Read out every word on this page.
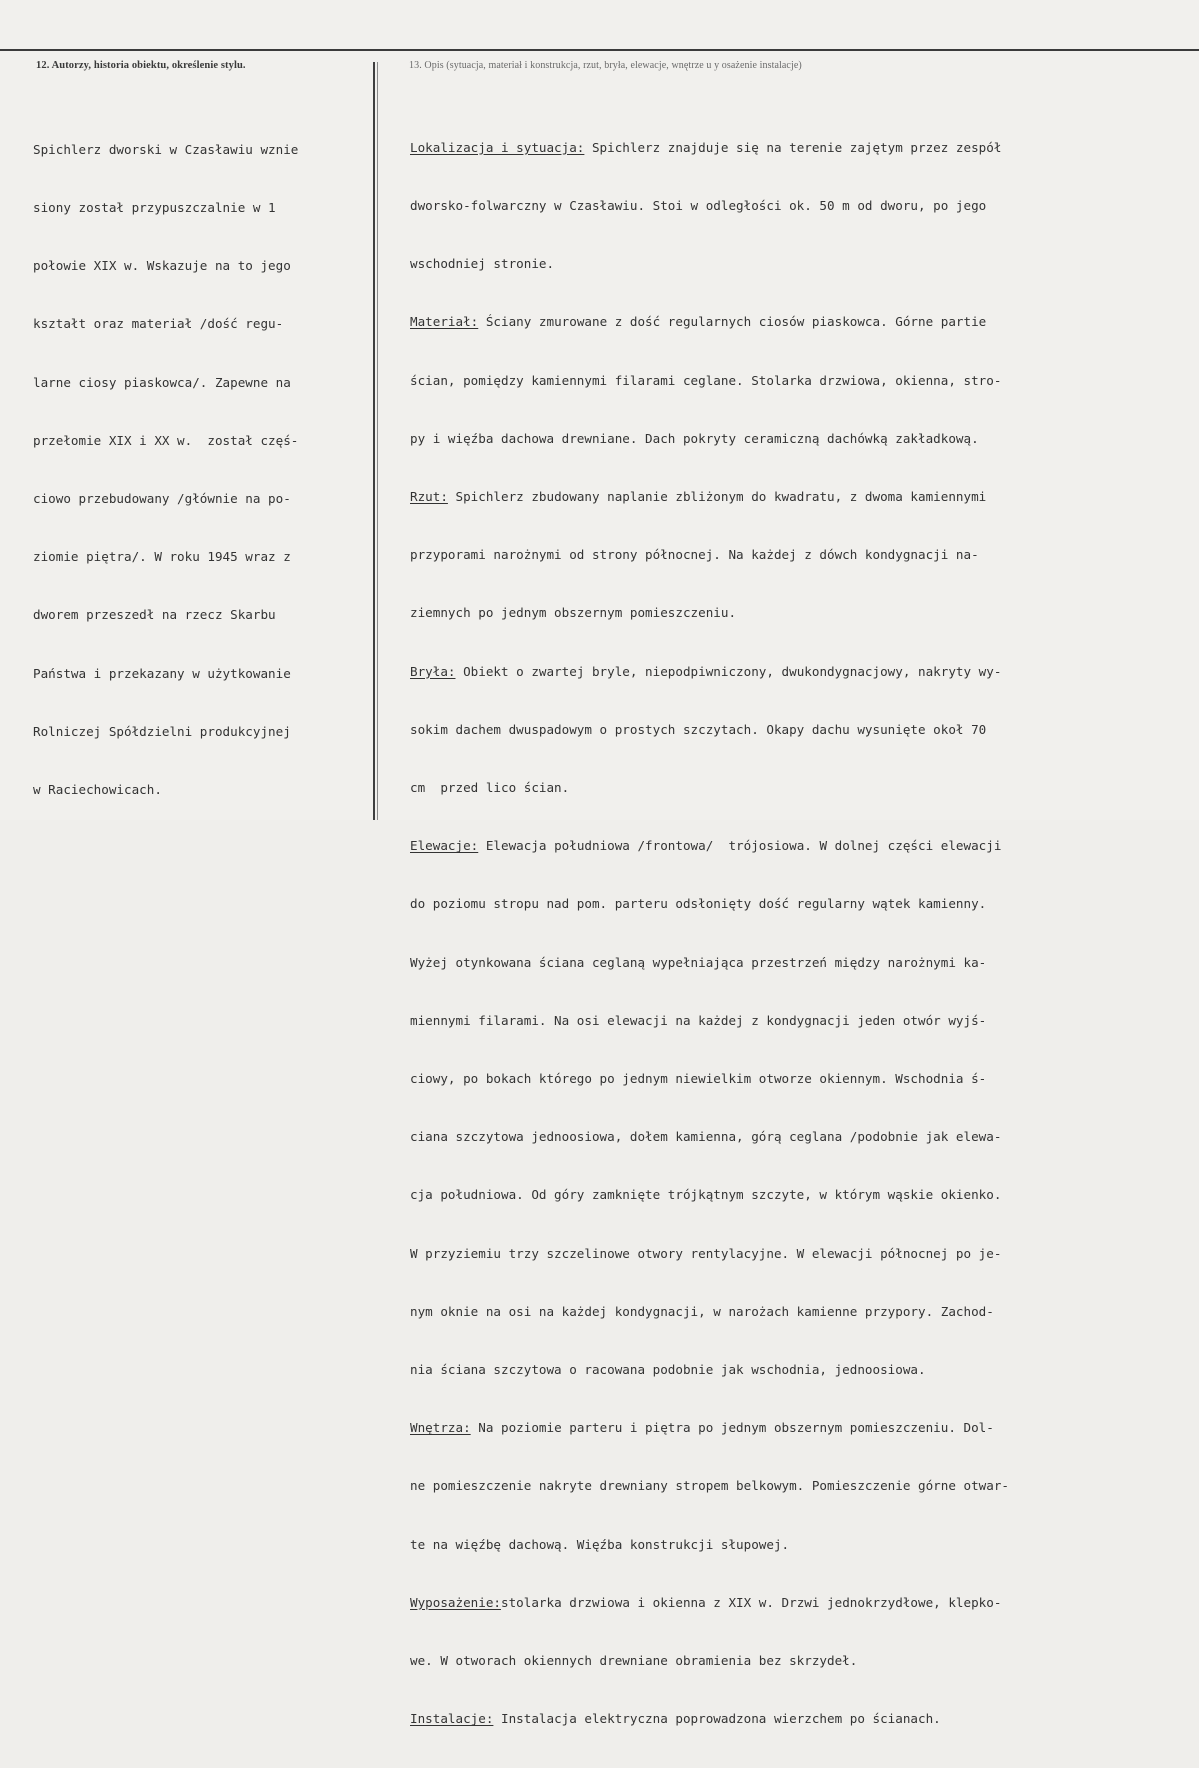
12. Autorzy, historia obiektu, określenie stylu.	13. Opis (sytuacja, materiał i konstrukcja, rzut, bryła, elewacje, wnętrze u y osażenie instalacje)

Spichlerz dworski w Czasławiu wznie

siony został przypuszczalnie w 1

połowie XIX w. Wskazuje na to jego

kształt oraz materiał /dość regu-

larne ciosy piaskowca/. Zapewne na

przełomie XIX i XX w.  został częś-

ciowo przebudowany /głównie na po-

ziomie piętra/. W roku 1945 wraz z

dworem przeszedł na rzecz Skarbu

Państwa i przekazany w użytkowanie

Rolniczej Spółdzielni produkcyjnej

w Raciechowicach.

Lokalizacja i sytuacja: Spichlerz znajduje się na terenie zajętym przez zespół

dworsko-folwarczny w Czasławiu. Stoi w odległości ok. 50 m od dworu, po jego

wschodniej stronie.

Materiał: Ściany zmurowane z dość regularnych ciosów piaskowca. Górne partie

ścian, pomiędzy kamiennymi filarami ceglane. Stolarka drzwiowa, okienna, stro-

py i więźba dachowa drewniane. Dach pokryty ceramiczną dachówką zakładkową.

Rzut: Spichlerz zbudowany naplanie zbliżonym do kwadratu, z dwoma kamiennymi

przyporami narożnymi od strony północnej. Na każdej z dówch kondygnacji na-

ziemnych po jednym obszernym pomieszczeniu.

Bryła: Obiekt o zwartej bryle, niepodpiwniczony, dwukondygnacjowy, nakryty wy-

sokim dachem dwuspadowym o prostych szczytach. Okapy dachu wysunięte okoł 70

cm  przed lico ścian.

Elewacje: Elewacja południowa /frontowa/  trójosiowa. W dolnej części elewacji

do poziomu stropu nad pom. parteru odsłonięty dość regularny wątek kamienny.

Wyżej otynkowana ściana ceglaną wypełniająca przestrzeń między narożnymi ka-

miennymi filarami. Na osi elewacji na każdej z kondygnacji jeden otwór wyjś-

ciowy, po bokach którego po jednym niewielkim otworze okiennym. Wschodnia ś-

ciana szczytowa jednoosiowa, dołem kamienna, górą ceglana /podobnie jak elewa-

cja południowa. Od góry zamknięte trójkątnym szczyte, w którym wąskie okienko.

W przyziemiu trzy szczelinowe otwory rentylacyjne. W elewacji północnej po je-

nym oknie na osi na każdej kondygnacji, w narożach kamienne przypory. Zachod-

nia ściana szczytowa o racowana podobnie jak wschodnia, jednoosiowa.

Wnętrza: Na poziomie parteru i piętra po jednym obszernym pomieszczeniu. Dol-

ne pomieszczenie nakryte drewniany stropem belkowym. Pomieszczenie górne otwar-

te na więźbę dachową. Więźba konstrukcji słupowej.

Wyposażenie:stolarka drzwiowa i okienna z XIX w. Drzwi jednokrzydłowe, klepko-

we. W otworach okiennych drewniane obramienia bez skrzydeł.

Instalacje: Instalacja elektryczna poprowadzona wierzchem po ścianach.
